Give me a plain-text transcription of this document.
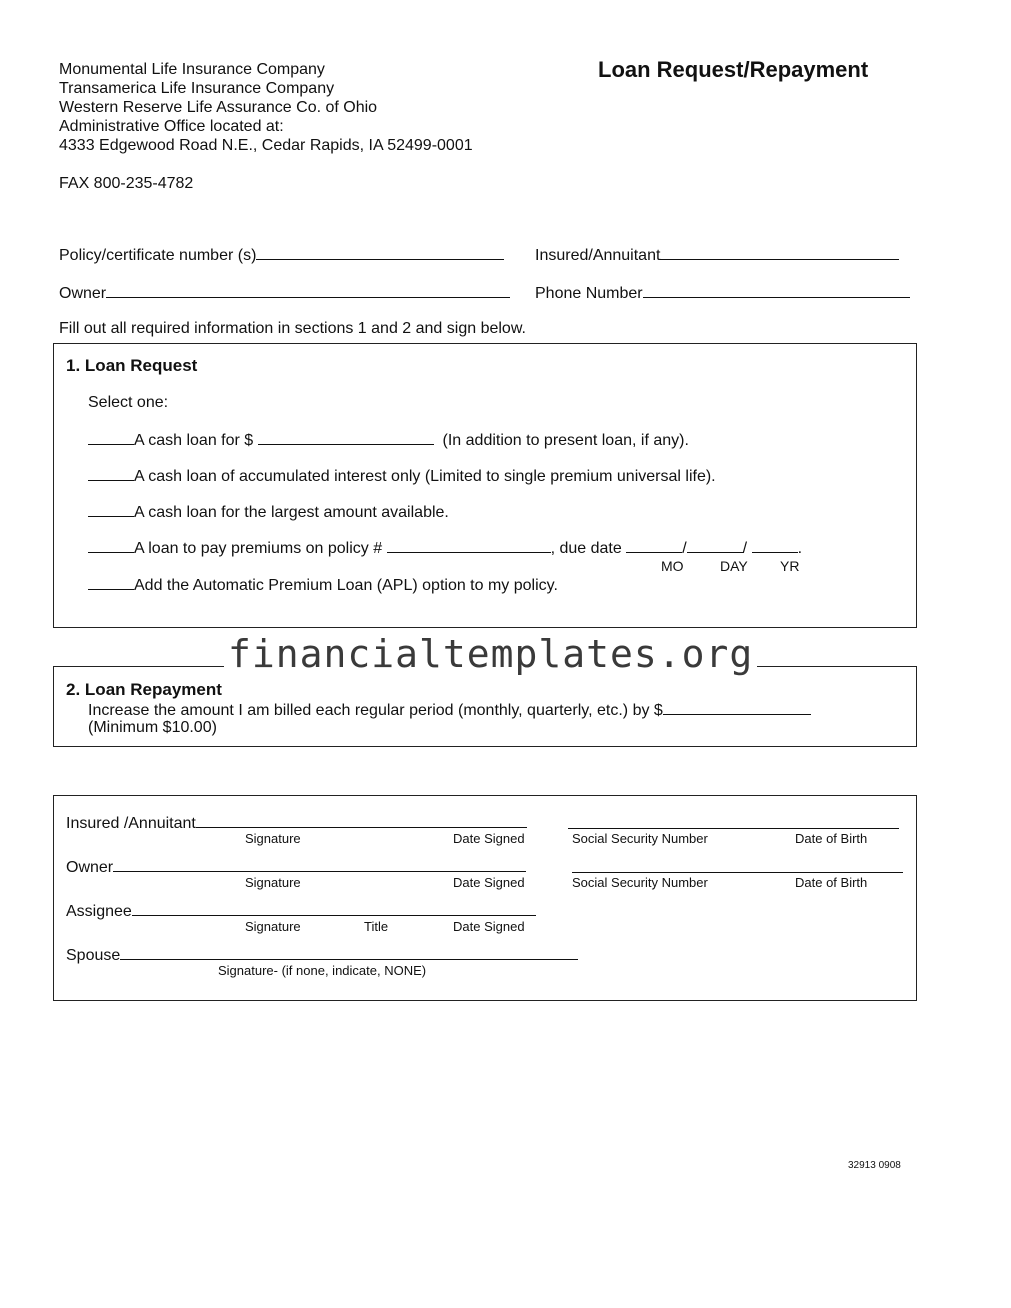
Monumental Life Insurance Company
Transamerica Life Insurance Company
Western Reserve Life Assurance Co. of Ohio
Administrative Office located at:
4333 Edgewood Road N.E., Cedar Rapids, IA 52499-0001
FAX 800-235-4782
Loan Request/Repayment
Policy/certificate number (s)	Insured/Annuitant
Owner	Phone Number
Fill out all required information in sections 1 and 2 and sign below.
1. Loan Request
Select one:
A cash loan for $	(In addition to present loan, if any).
A cash loan of accumulated interest only (Limited to single premium universal life).
A cash loan for the largest amount available.
A loan to pay premiums on policy #	, due date	/	/	.
MO	DAY YR
Add the Automatic Premium Loan (APL) option to my policy.
financialtemplates.org
2. Loan Repayment
Increase the amount I am billed each regular period (monthly, quarterly, etc.) by $
(Minimum $10.00)
Insured /Annuitant
Signature	Date Signed	Social Security Number	Date of Birth
Owner
Signature	Date Signed	Social Security Number	Date of Birth
Assignee
Signature	Title	Date Signed
Spouse
Signature- (if none, indicate, NONE)
32913 0908
